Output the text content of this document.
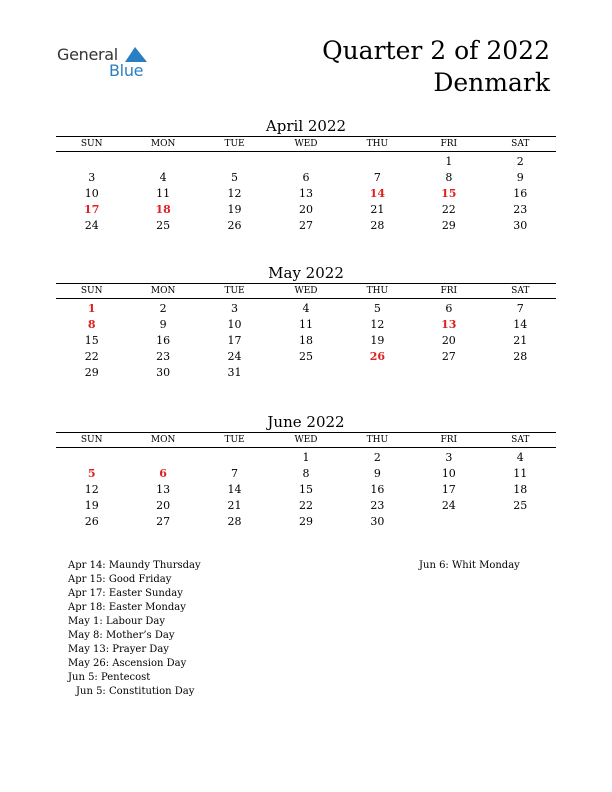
General
Blue
Quarter 2 of 2022
Denmark
April 2022
SUN	MON	TUE	WED	THU	FRI	SAT
					1	2
3	4	5	6	7	8	9
10	11	12	13	14	15	16
17	18	19	20	21	22	23
24	25	26	27	28	29	30
May 2022
SUN	MON	TUE	WED	THU	FRI	SAT
1	2	3	4	5	6	7
8	9	10	11	12	13	14
15	16	17	18	19	20	21
22	23	24	25	26	27	28
29	30	31				
June 2022
SUN	MON	TUE	WED	THU	FRI	SAT
			1	2	3	4
5	6	7	8	9	10	11
12	13	14	15	16	17	18
19	20	21	22	23	24	25
26	27	28	29	30		
Apr 14: Maundy Thursday
Apr 15: Good Friday
Apr 17: Easter Sunday
Apr 18: Easter Monday
May 1: Labour Day
May 8: Mother’s Day
May 13: Prayer Day
May 26: Ascension Day
Jun 5: Pentecost
Jun 5: Constitution Day
Jun 6: Whit Monday
